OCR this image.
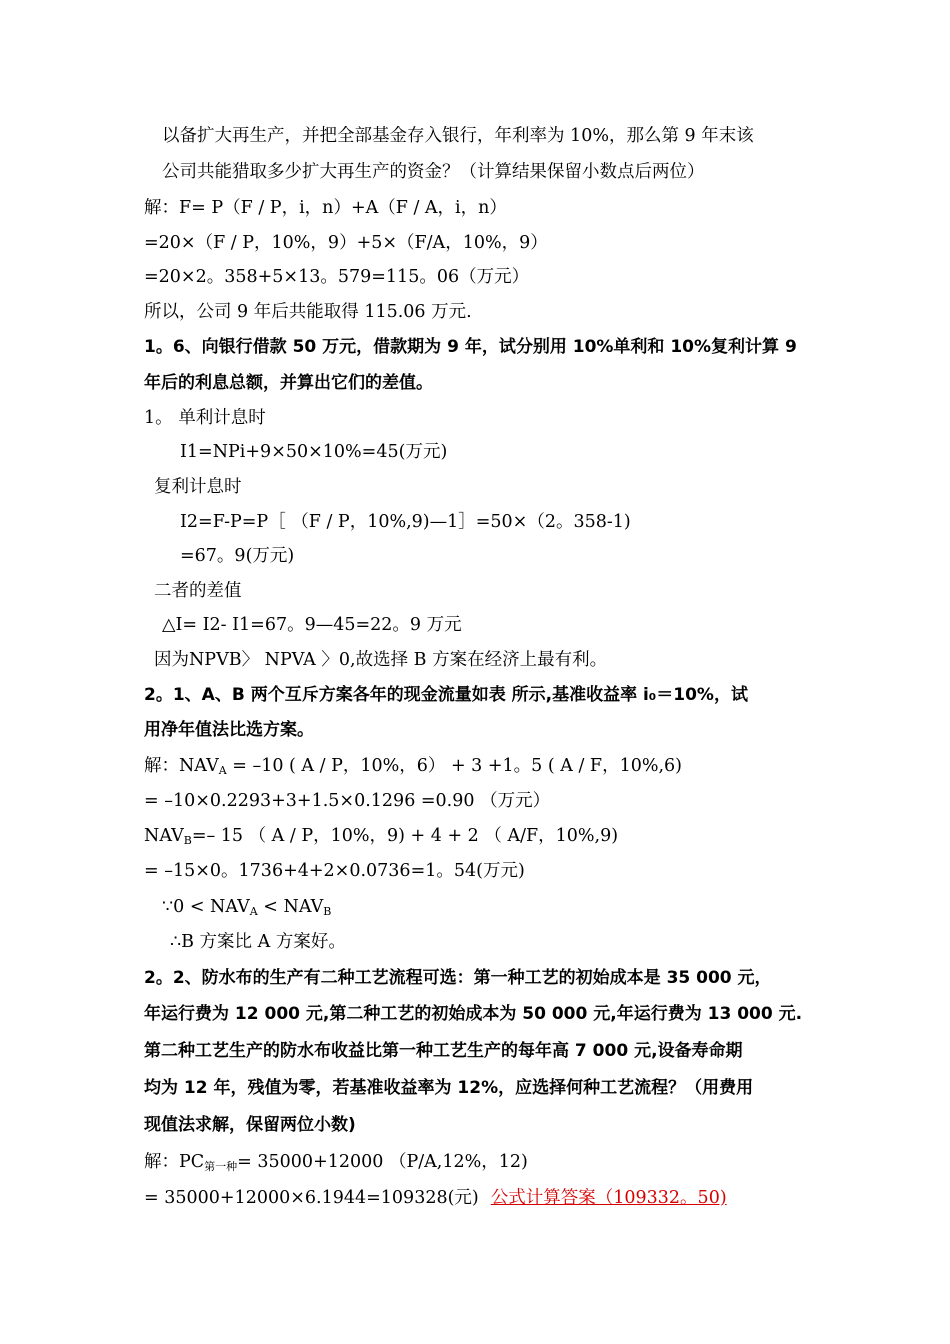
以备扩大再生产，并把全部基金存入银行，年利率为 10%，那么第 9 年末该
公司共能猎取多少扩大再生产的资金？（计算结果保留小数点后两位）
解：F= P（F / P，i，n）+A（F / A，i，n）
=20×（F / P，10%，9）+5×（F/A，10%，9）
=20×2。358+5×13。579=115。06（万元）
所以，公司 9 年后共能取得 115.06 万元.
1。6、向银行借款 50 万元，借款期为 9 年，试分别用 10%单利和 10%复利计算 9
年后的利息总额，并算出它们的差值。
1。 单利计息时
I1=NPi+9×50×10%=45(万元)
复利计息时
I2=F-P=P［ （F / P，10%,9)—1］=50×（2。358-1)
=67。9(万元)
二者的差值
△I= I2- I1=67。9—45=22。9 万元
因为NPVB〉 NPVA 〉0,故选择 B 方案在经济上最有利。
2。1、A、B 两个互斥方案各年的现金流量如表 所示,基准收益率 i₀＝10%，试
用净年值法比选方案。
解：$NAV_A = -10$ ( A / P，10%，6） + 3 +1。5 ( A / F，10%,6)
= –10×0.2293+3+1.5×0.1296 =0.90 （万元）
$NAV_B=-$ 15 （ A / P，10%，9) + 4 + 2 （ A/F，10%,9)
= –15×0。1736+4+2×0.0736=1。54(万元)
∵0 < $NAV_A < NAV_B$
∴B 方案比 A 方案好。
2。2、防水布的生产有二种工艺流程可选：第一种工艺的初始成本是 35 000 元，
年运行费为 12 000 元,第二种工艺的初始成本为 50 000 元,年运行费为 13 000 元.
第二种工艺生产的防水布收益比第一种工艺生产的每年高 7 000 元,设备寿命期
均为 12 年，残值为零，若基准收益率为 12%，应选择何种工艺流程？（用费用
现值法求解，保留两位小数)
解：$PC_{第一种}= 35000+12000$ （P/A,12%，12)
= 35000+12000×6.1944=109328(元) 公式计算答案（109332。50)
